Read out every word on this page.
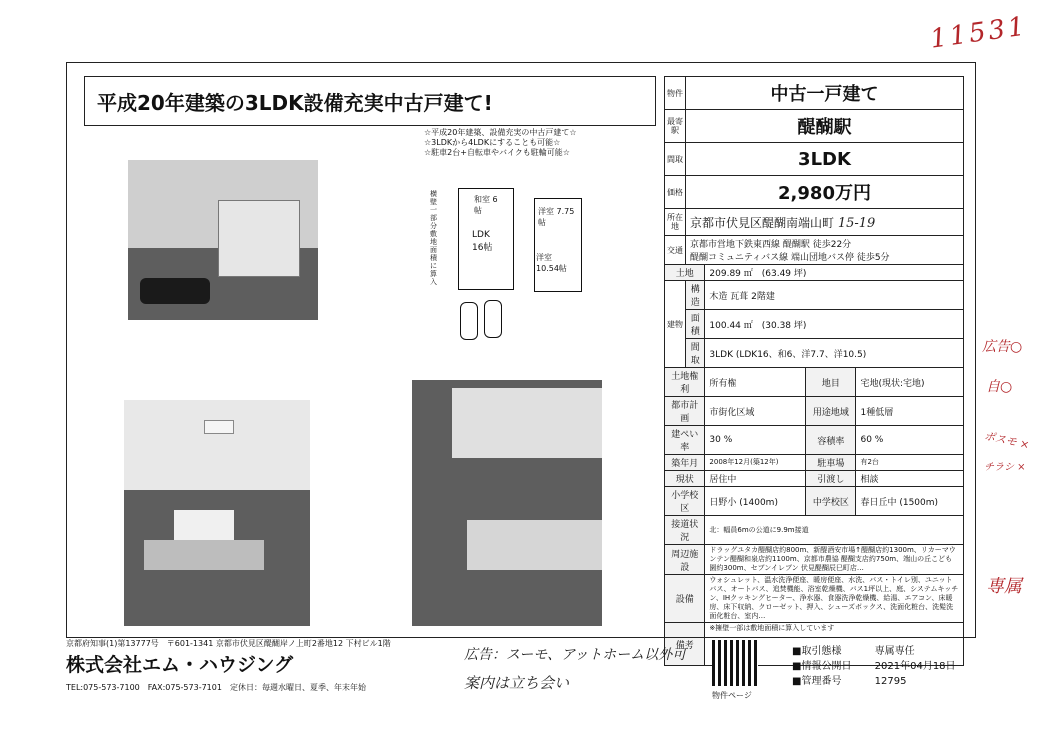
11531
平成20年建築の3LDK設備充実中古戸建て!
☆平成20年建築、設備充実の中古戸建て☆
☆3LDKから4LDKにすることも可能☆
☆駐車2台+自転車やバイクも駐輪可能☆
横壁一部分敷地面積に算入
和室 6帖
LDK 16帖
洋室 7.75帖
洋室 10.54帖
物件	中古一戸建て			
最寄駅	醍醐駅			
間取	3LDK			
価格	2,980万円			
所在地	京都市伏見区醍醐南端山町 15-19			
交通	京都市営地下鉄東西線 醍醐駅 徒歩22分
醍醐コミュニティバス線 端山団地バス停 徒歩5分			

土地		209.89 ㎡　(63.49 坪)		
建物	構造	木造 瓦葺 2階建		
	面積	100.44 ㎡　(30.38 坪)		
	間取	3LDK (LDK16、和6、洋7.7、洋10.5)		
土地権利		所有権	地目	宅地(現状:宅地)
都市計画		市街化区域	用途地域	1種低層
建ぺい率		30 %	容積率	60 %
築年月		2008年12月(築12年)	駐車場	有2台
現状		居住中	引渡し	相談
小学校区		日野小 (1400m)	中学校区	春日丘中 (1500m)
接道状況		北：幅員6mの公道に9.9m接道		
周辺施設		ドラッグユタカ醍醐店約800m、新醍酒安市場↑醍醐店約1300m、リカーマウンテン醍醐和泉店約1100m、京都市農協 醍醐支店約750m、端山の丘こども園約300m、セブンイレブン 伏見醍醐辰巳町店…		
設備		ウォシュレット、温水洗浄便座、暖房便座、水洗、バス・トイレ別、ユニットバス、オートバス、追焚機能、浴室乾燥機、バス1坪以上、庭、システムキッチン、IHクッキングヒーター、浄水器、食器洗浄乾燥機、給湯、エアコン、床暖房、床下収納、クローゼット、押入、シューズボックス、洗面化粧台、洗髪洗面化粧台、室内…		
備考		※擁壁一部は敷地面積に算入しています		
広告○
自○
ポスモ ×
チラシ ×
専属
京都府知事(1)第13777号　〒601-1341 京都市伏見区醍醐岸ノ上町2番地12 下村ビル1階
株式会社エム・ハウジング
TEL:075-573-7100　FAX:075-573-7101　定休日：毎週水曜日、夏季、年末年始
広告：スーモ、アットホーム以外可
案内は立ち会い
物件ページ
■取引態様	専属専任
■情報公開日 2021年04月18日
■管理番号	12795
